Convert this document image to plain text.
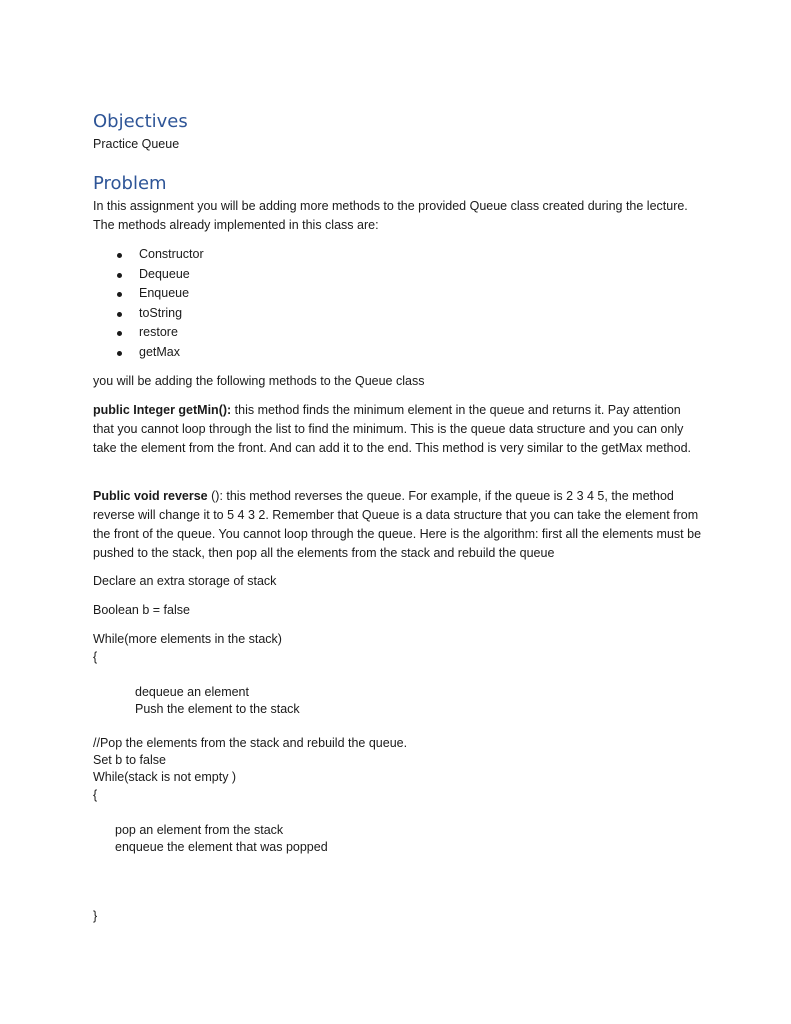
Objectives
Practice Queue
Problem

In this assignment you will be adding more methods to the provided Queue class created during the lecture. The methods already implemented in this class are:

Constructor
Dequeue
Enqueue
toString
restore
getMax
you will be adding the following methods to the Queue class

public Integer getMin(): this method finds the minimum element in the queue and returns it. Pay attention that you cannot loop through the list to find the minimum. This is the queue data structure and you can only take the element from the front. And can add it to the end. This method is very similar to the getMax method.

Public void reverse (): this method reverses the queue. For example, if the queue is 2 3 4 5, the method reverse will change it to 5 4 3 2. Remember that Queue is a data structure that you can take the element from the front of the queue. You cannot loop through the queue. Here is the algorithm: first all the elements must be pushed to the stack, then pop all the elements from the stack and rebuild the queue

Declare an extra storage of stack
Boolean b = false
While(more elements in the stack)
{
dequeue an element
Push the element to the stack
//Pop the elements from the stack and rebuild the queue.
Set b to false
While(stack is not empty )
{
pop an element from the stack
enqueue the element that was popped
}
